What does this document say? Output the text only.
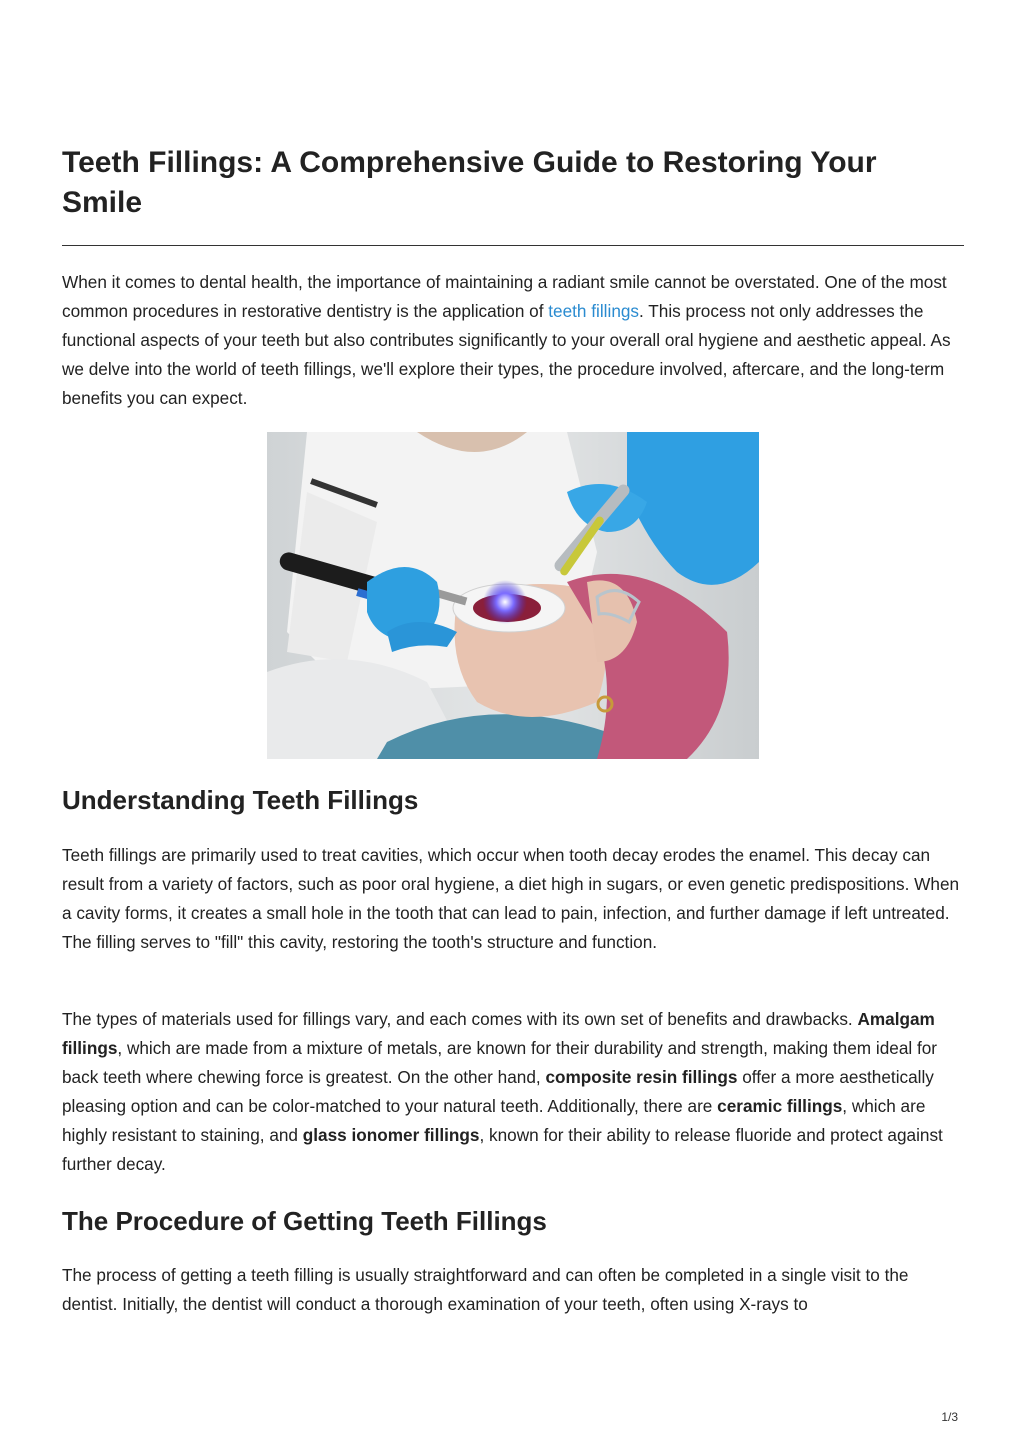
Teeth Fillings: A Comprehensive Guide to Restoring Your Smile

When it comes to dental health, the importance of maintaining a radiant smile cannot be overstated. One of the most common procedures in restorative dentistry is the application of teeth fillings. This process not only addresses the functional aspects of your teeth but also contributes significantly to your overall oral hygiene and aesthetic appeal. As we delve into the world of teeth fillings, we'll explore their types, the procedure involved, aftercare, and the long-term benefits you can expect.

Understanding Teeth Fillings

Teeth fillings are primarily used to treat cavities, which occur when tooth decay erodes the enamel. This decay can result from a variety of factors, such as poor oral hygiene, a diet high in sugars, or even genetic predispositions. When a cavity forms, it creates a small hole in the tooth that can lead to pain, infection, and further damage if left untreated. The filling serves to "fill" this cavity, restoring the tooth's structure and function.

The types of materials used for fillings vary, and each comes with its own set of benefits and drawbacks. Amalgam fillings, which are made from a mixture of metals, are known for their durability and strength, making them ideal for back teeth where chewing force is greatest. On the other hand, composite resin fillings offer a more aesthetically pleasing option and can be color-matched to your natural teeth. Additionally, there are ceramic fillings, which are highly resistant to staining, and glass ionomer fillings, known for their ability to release fluoride and protect against further decay.

The Procedure of Getting Teeth Fillings

The process of getting a teeth filling is usually straightforward and can often be completed in a single visit to the dentist. Initially, the dentist will conduct a thorough examination of your teeth, often using X-rays to

1/3
